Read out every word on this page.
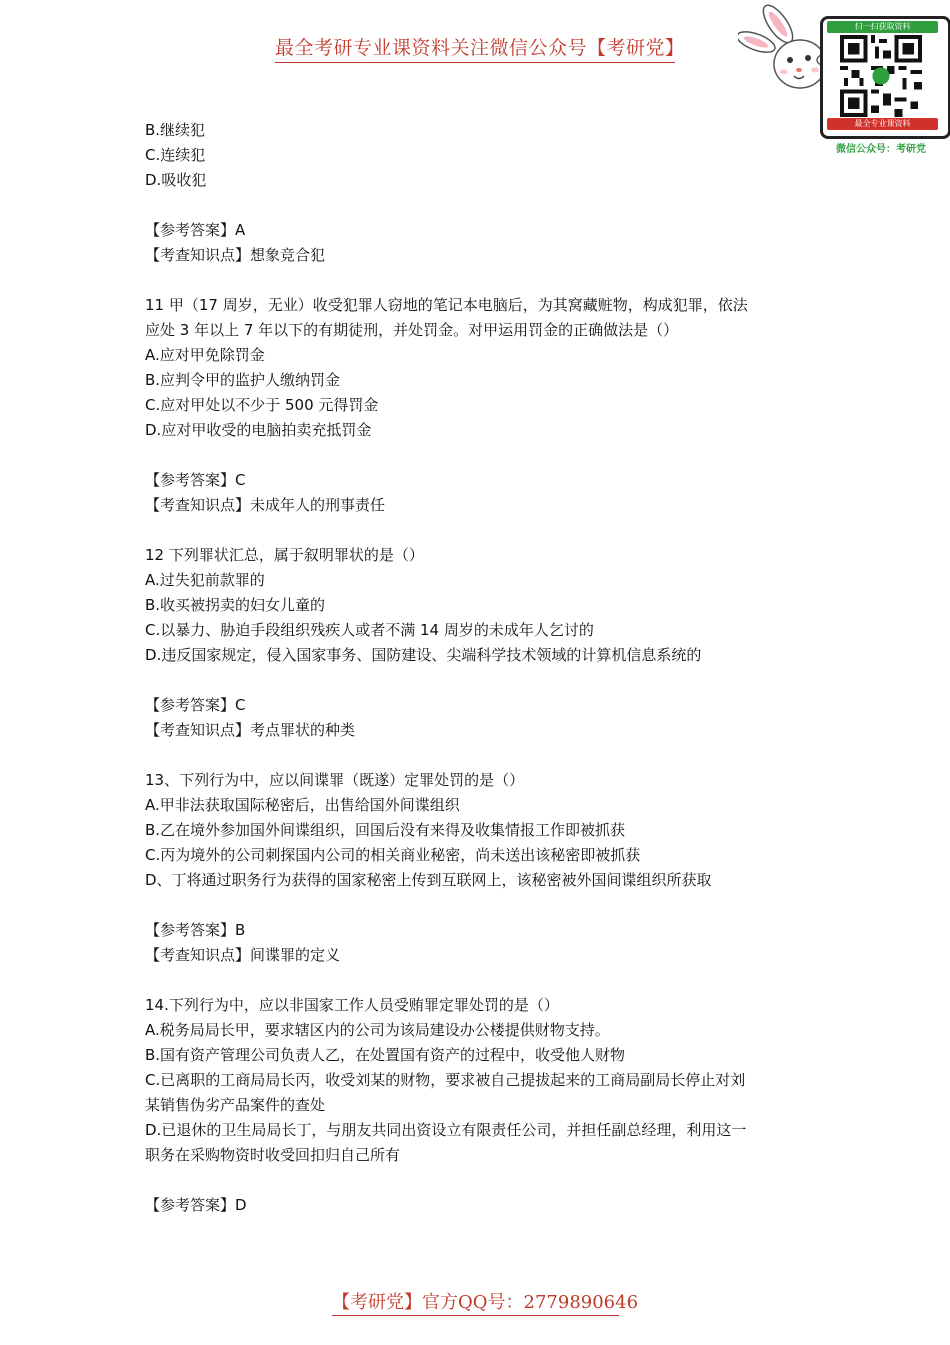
最全考研专业课资料关注微信公众号【考研党】
扫一扫获取资料
最全专业课资料
微信公众号：考研党
B.继续犯
C.连续犯
D.吸收犯
【参考答案】A
【考查知识点】想象竞合犯
11 甲（17 周岁，无业）收受犯罪人窃地的笔记本电脑后，为其窝藏赃物，构成犯罪，依法
应处 3 年以上 7 年以下的有期徒刑，并处罚金。对甲运用罚金的正确做法是（）
A.应对甲免除罚金
B.应判令甲的监护人缴纳罚金
C.应对甲处以不少于 500 元得罚金
D.应对甲收受的电脑拍卖充抵罚金
【参考答案】C
【考查知识点】未成年人的刑事责任
12 下列罪状汇总，属于叙明罪状的是（）
A.过失犯前款罪的
B.收买被拐卖的妇女儿童的
C.以暴力、胁迫手段组织残疾人或者不满 14 周岁的未成年人乞讨的
D.违反国家规定，侵入国家事务、国防建设、尖端科学技术领域的计算机信息系统的
【参考答案】C
【考查知识点】考点罪状的种类
13、下列行为中，应以间谍罪（既遂）定罪处罚的是（）
A.甲非法获取国际秘密后，出售给国外间谍组织
B.乙在境外参加国外间谍组织，回国后没有来得及收集情报工作即被抓获
C.丙为境外的公司刺探国内公司的相关商业秘密，尚未送出该秘密即被抓获
D、丁将通过职务行为获得的国家秘密上传到互联网上，该秘密被外国间谍组织所获取
【参考答案】B
【考查知识点】间谍罪的定义
14.下列行为中，应以非国家工作人员受贿罪定罪处罚的是（）
A.税务局局长甲，要求辖区内的公司为该局建设办公楼提供财物支持。
B.国有资产管理公司负责人乙，在处置国有资产的过程中，收受他人财物
C.已离职的工商局局长丙，收受刘某的财物，要求被自己提拔起来的工商局副局长停止对刘
某销售伪劣产品案件的查处
D.已退休的卫生局局长丁，与朋友共同出资设立有限责任公司，并担任副总经理，利用这一
职务在采购物资时收受回扣归自己所有
【参考答案】D
【考研党】官方QQ号：2779890646
